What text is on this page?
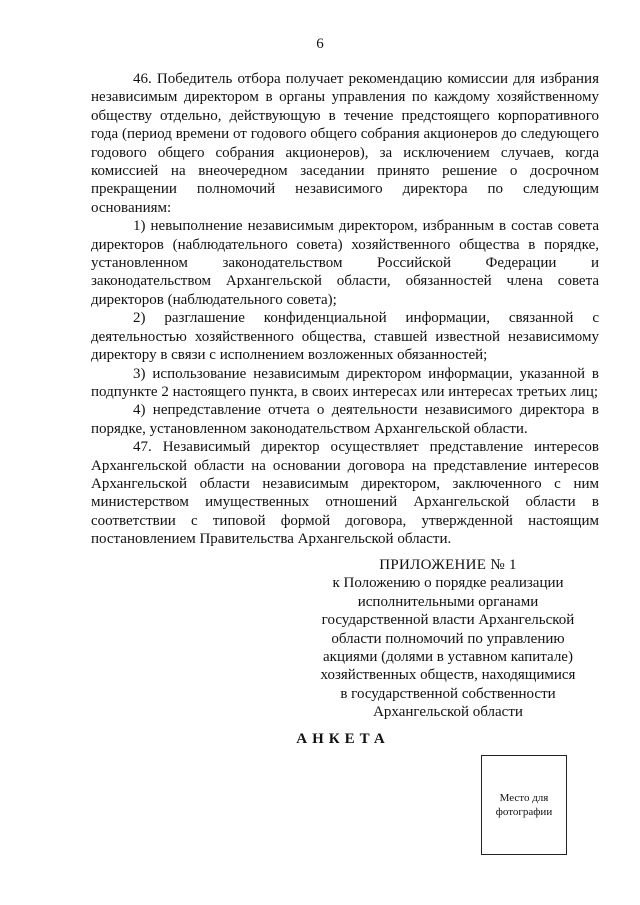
6

46. Победитель отбора получает рекомендацию комиссии для избрания независимым директором в органы управления по каждому хозяйственному обществу отдельно, действующую в течение предстоящего корпоративного года (период времени от годового общего собрания акционеров до следующего годового общего собрания акционеров), за исключением случаев, когда комиссией на внеочередном заседании принято решение о досрочном прекращении полномочий независимого директора по следующим основаниям:

1) невыполнение независимым директором, избранным в состав совета директоров (наблюдательного совета) хозяйственного общества в порядке, установленном законодательством Российской Федерации и законодательством Архангельской области, обязанностей члена совета директоров (наблюдательного совета);

2) разглашение конфиденциальной информации, связанной с деятельностью хозяйственного общества, ставшей известной независимому директору в связи с исполнением возложенных обязанностей;

3) использование независимым директором информации, указанной в подпункте 2 настоящего пункта, в своих интересах или интересах третьих лиц;

4) непредставление отчета о деятельности независимого директора в порядке, установленном законодательством Архангельской области.

47. Независимый директор осуществляет представление интересов Архангельской области на основании договора на представление интересов Архангельской области независимым директором, заключенного с ним министерством имущественных отношений Архангельской области в соответствии с типовой формой договора, утвержденной настоящим постановлением Правительства Архангельской области.

ПРИЛОЖЕНИЕ № 1
к Положению о порядке реализации
исполнительными органами
государственной власти Архангельской
области полномочий по управлению
акциями (долями в уставном капитале)
хозяйственных обществ, находящимися
в государственной собственности
Архангельской области
АНКЕТА
Место для фотографии
